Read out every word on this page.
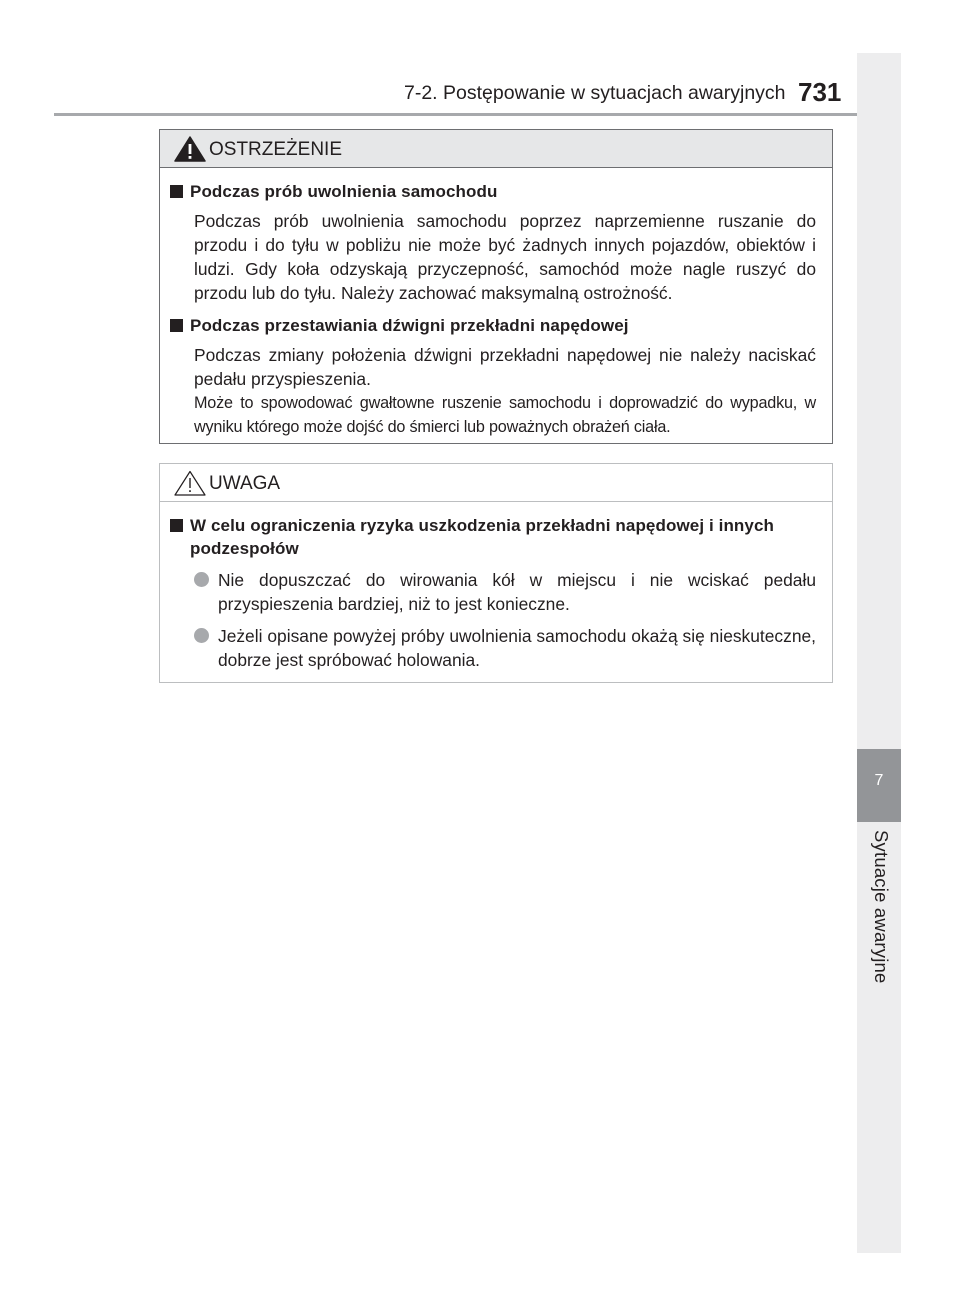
7-2. Postępowanie w sytuacjach awaryjnych 731
7
Sytuacje awaryjne
OSTRZEŻENIE
Podczas prób uwolnienia samochodu
Podczas prób uwolnienia samochodu poprzez naprzemienne ruszanie do przodu i do tyłu w pobliżu nie może być żadnych innych pojazdów, obiektów i ludzi. Gdy koła odzyskają przyczepność, samochód może nagle ruszyć do przodu lub do tyłu. Należy zachować maksymalną ostrożność.
Podczas przestawiania dźwigni przekładni napędowej
Podczas zmiany położenia dźwigni przekładni napędowej nie należy naciskać pedału przyspieszenia.
Może to spowodować gwałtowne ruszenie samochodu i doprowadzić do wypadku, w wyniku którego może dojść do śmierci lub poważnych obrażeń ciała.
UWAGA
W celu ograniczenia ryzyka uszkodzenia przekładni napędowej i innych podzespołów
Nie dopuszczać do wirowania kół w miejscu i nie wciskać pedału przyspieszenia bardziej, niż to jest konieczne.
Jeżeli opisane powyżej próby uwolnienia samochodu okażą się nieskuteczne, dobrze jest spróbować holowania.
